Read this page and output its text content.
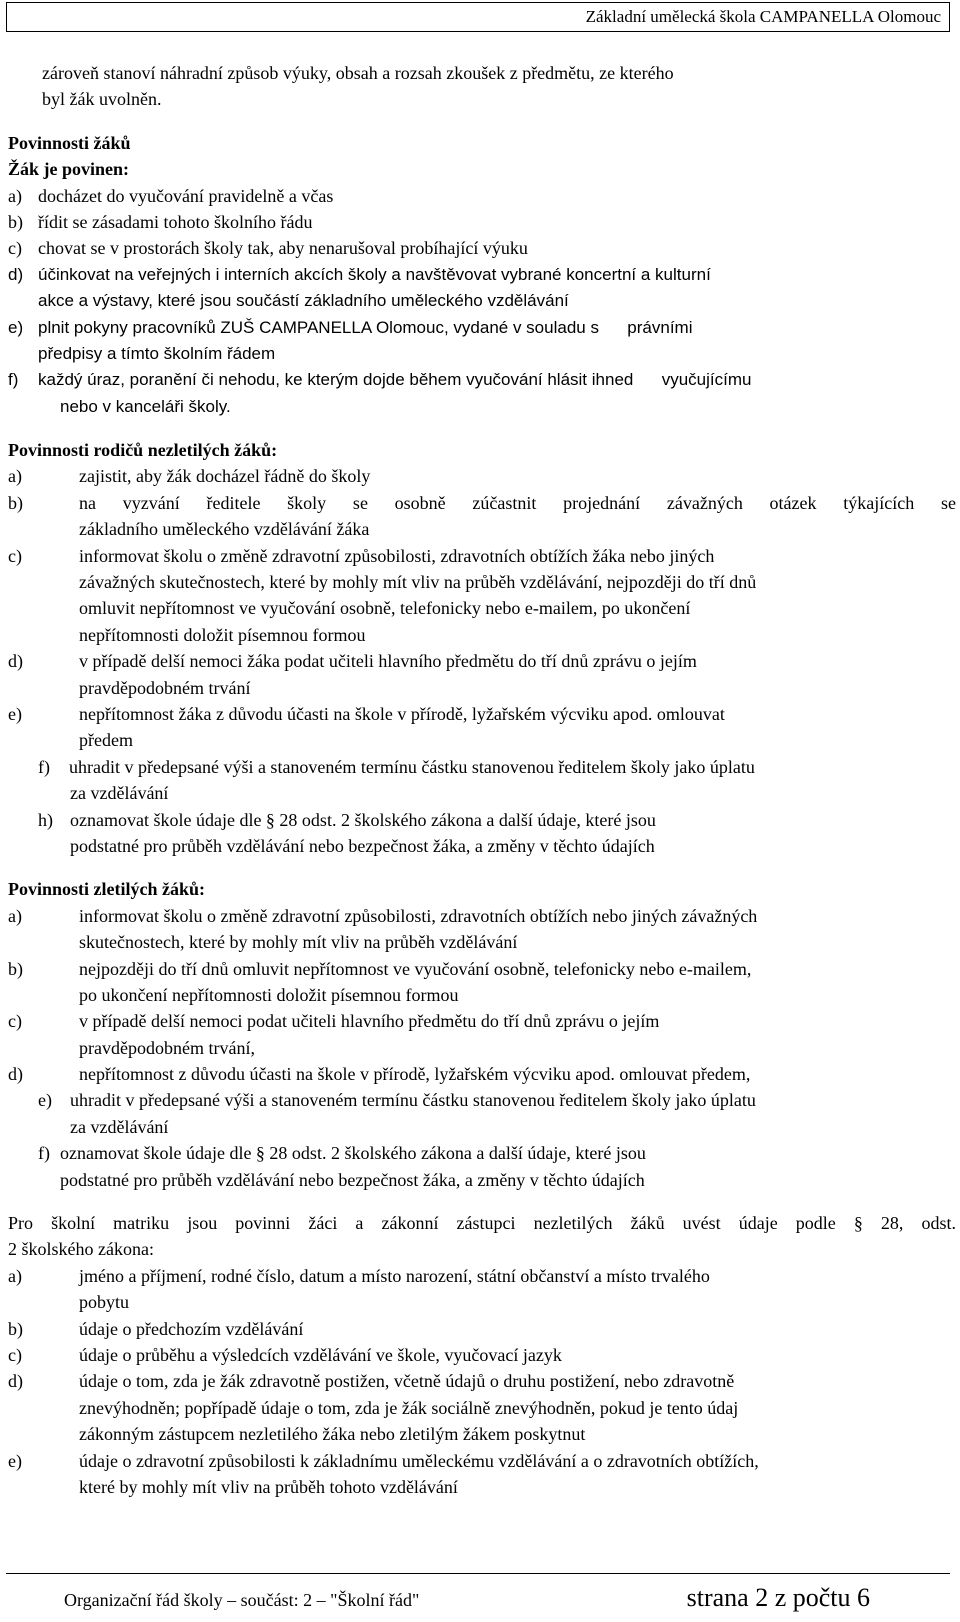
Základní umělecká škola CAMPANELLA Olomouc
zároveň stanoví náhradní způsob výuky, obsah a rozsah zkoušek z předmětu, ze kterého
byl žák uvolněn.
Povinnosti žáků
Žák je povinen:
a) docházet do vyučování pravidelně a včas
b) řídit se zásadami tohoto školního řádu
c) chovat se v prostorách školy tak, aby nenarušoval probíhající výuku
d) účinkovat na veřejných i interních akcích školy a navštěvovat vybrané koncertní a kulturní
akce a výstavy, které jsou součástí základního uměleckého vzdělávání
e) plnit pokyny pracovníků ZUŠ CAMPANELLA Olomouc, vydané v souladu s      právními
předpisy a tímto školním řádem
f) každý úraz, poranění či nehodu, ke kterým dojde během vyučování hlásit ihned      vyučujícímu
nebo v kanceláři školy.
Povinnosti rodičů nezletilých žáků:
a)	zajistit, aby žák docházel řádně do školy
b)	na vyzvání ředitele školy se osobně zúčastnit projednání závažných otázek týkajících se
základního uměleckého vzdělávání žáka
c)	informovat školu o změně zdravotní způsobilosti, zdravotních obtížích žáka nebo jiných
závažných skutečnostech, které by mohly mít vliv na průběh vzdělávání, nejpozději do tří dnů
omluvit nepřítomnost ve vyučování osobně, telefonicky nebo e-mailem, po ukončení
nepřítomnosti doložit písemnou formou
d)	v případě delší nemoci žáka podat učiteli hlavního předmětu do tří dnů zprávu o jejím
pravděpodobném trvání
e)	nepřítomnost žáka z důvodu účasti na škole v přírodě, lyžařském výcviku apod. omlouvat
předem
f) uhradit v předepsané výši a stanoveném termínu částku stanovenou ředitelem školy jako úplatu
za vzdělávání
h) oznamovat škole údaje dle § 28 odst. 2 školského zákona a další údaje, které jsou
podstatné pro průběh vzdělávání nebo bezpečnost žáka, a změny v těchto údajích
Povinnosti zletilých žáků:
a)	informovat školu o změně zdravotní způsobilosti, zdravotních obtížích nebo jiných závažných
skutečnostech, které by mohly mít vliv na průběh vzdělávání
b)	nejpozději do tří dnů omluvit nepřítomnost ve vyučování osobně, telefonicky nebo e-mailem,
po ukončení nepřítomnosti doložit písemnou formou
c)	v případě delší nemoci podat učiteli hlavního předmětu do tří dnů zprávu o jejím
pravděpodobném trvání,
d)	nepřítomnost z důvodu účasti na škole v přírodě, lyžařském výcviku apod. omlouvat předem,
e) uhradit v předepsané výši a stanoveném termínu částku stanovenou ředitelem školy jako úplatu
za vzdělávání
f) oznamovat škole údaje dle § 28 odst. 2 školského zákona a další údaje, které jsou
podstatné pro průběh vzdělávání nebo bezpečnost žáka, a změny v těchto údajích
Pro školní matriku jsou povinni žáci a zákonní zástupci nezletilých žáků uvést údaje podle § 28, odst.
2 školského zákona:
a)	jméno a příjmení, rodné číslo, datum a místo narození, státní občanství a místo trvalého
pobytu
b)	údaje o předchozím vzdělávání
c)	údaje o průběhu a výsledcích vzdělávání ve škole, vyučovací jazyk
d)	údaje o tom, zda je žák zdravotně postižen, včetně údajů o druhu postižení, nebo zdravotně
znevýhodněn; popřípadě údaje o tom, zda je žák sociálně znevýhodněn, pokud je tento údaj
zákonným zástupcem nezletilého žáka nebo zletilým žákem poskytnut
e)	údaje o zdravotní způsobilosti k základnímu uměleckému vzdělávání a o zdravotních obtížích,
které by mohly mít vliv na průběh tohoto vzdělávání
Organizační řád školy – součást: 2 – "Školní řád"	strana 2 z počtu 6
